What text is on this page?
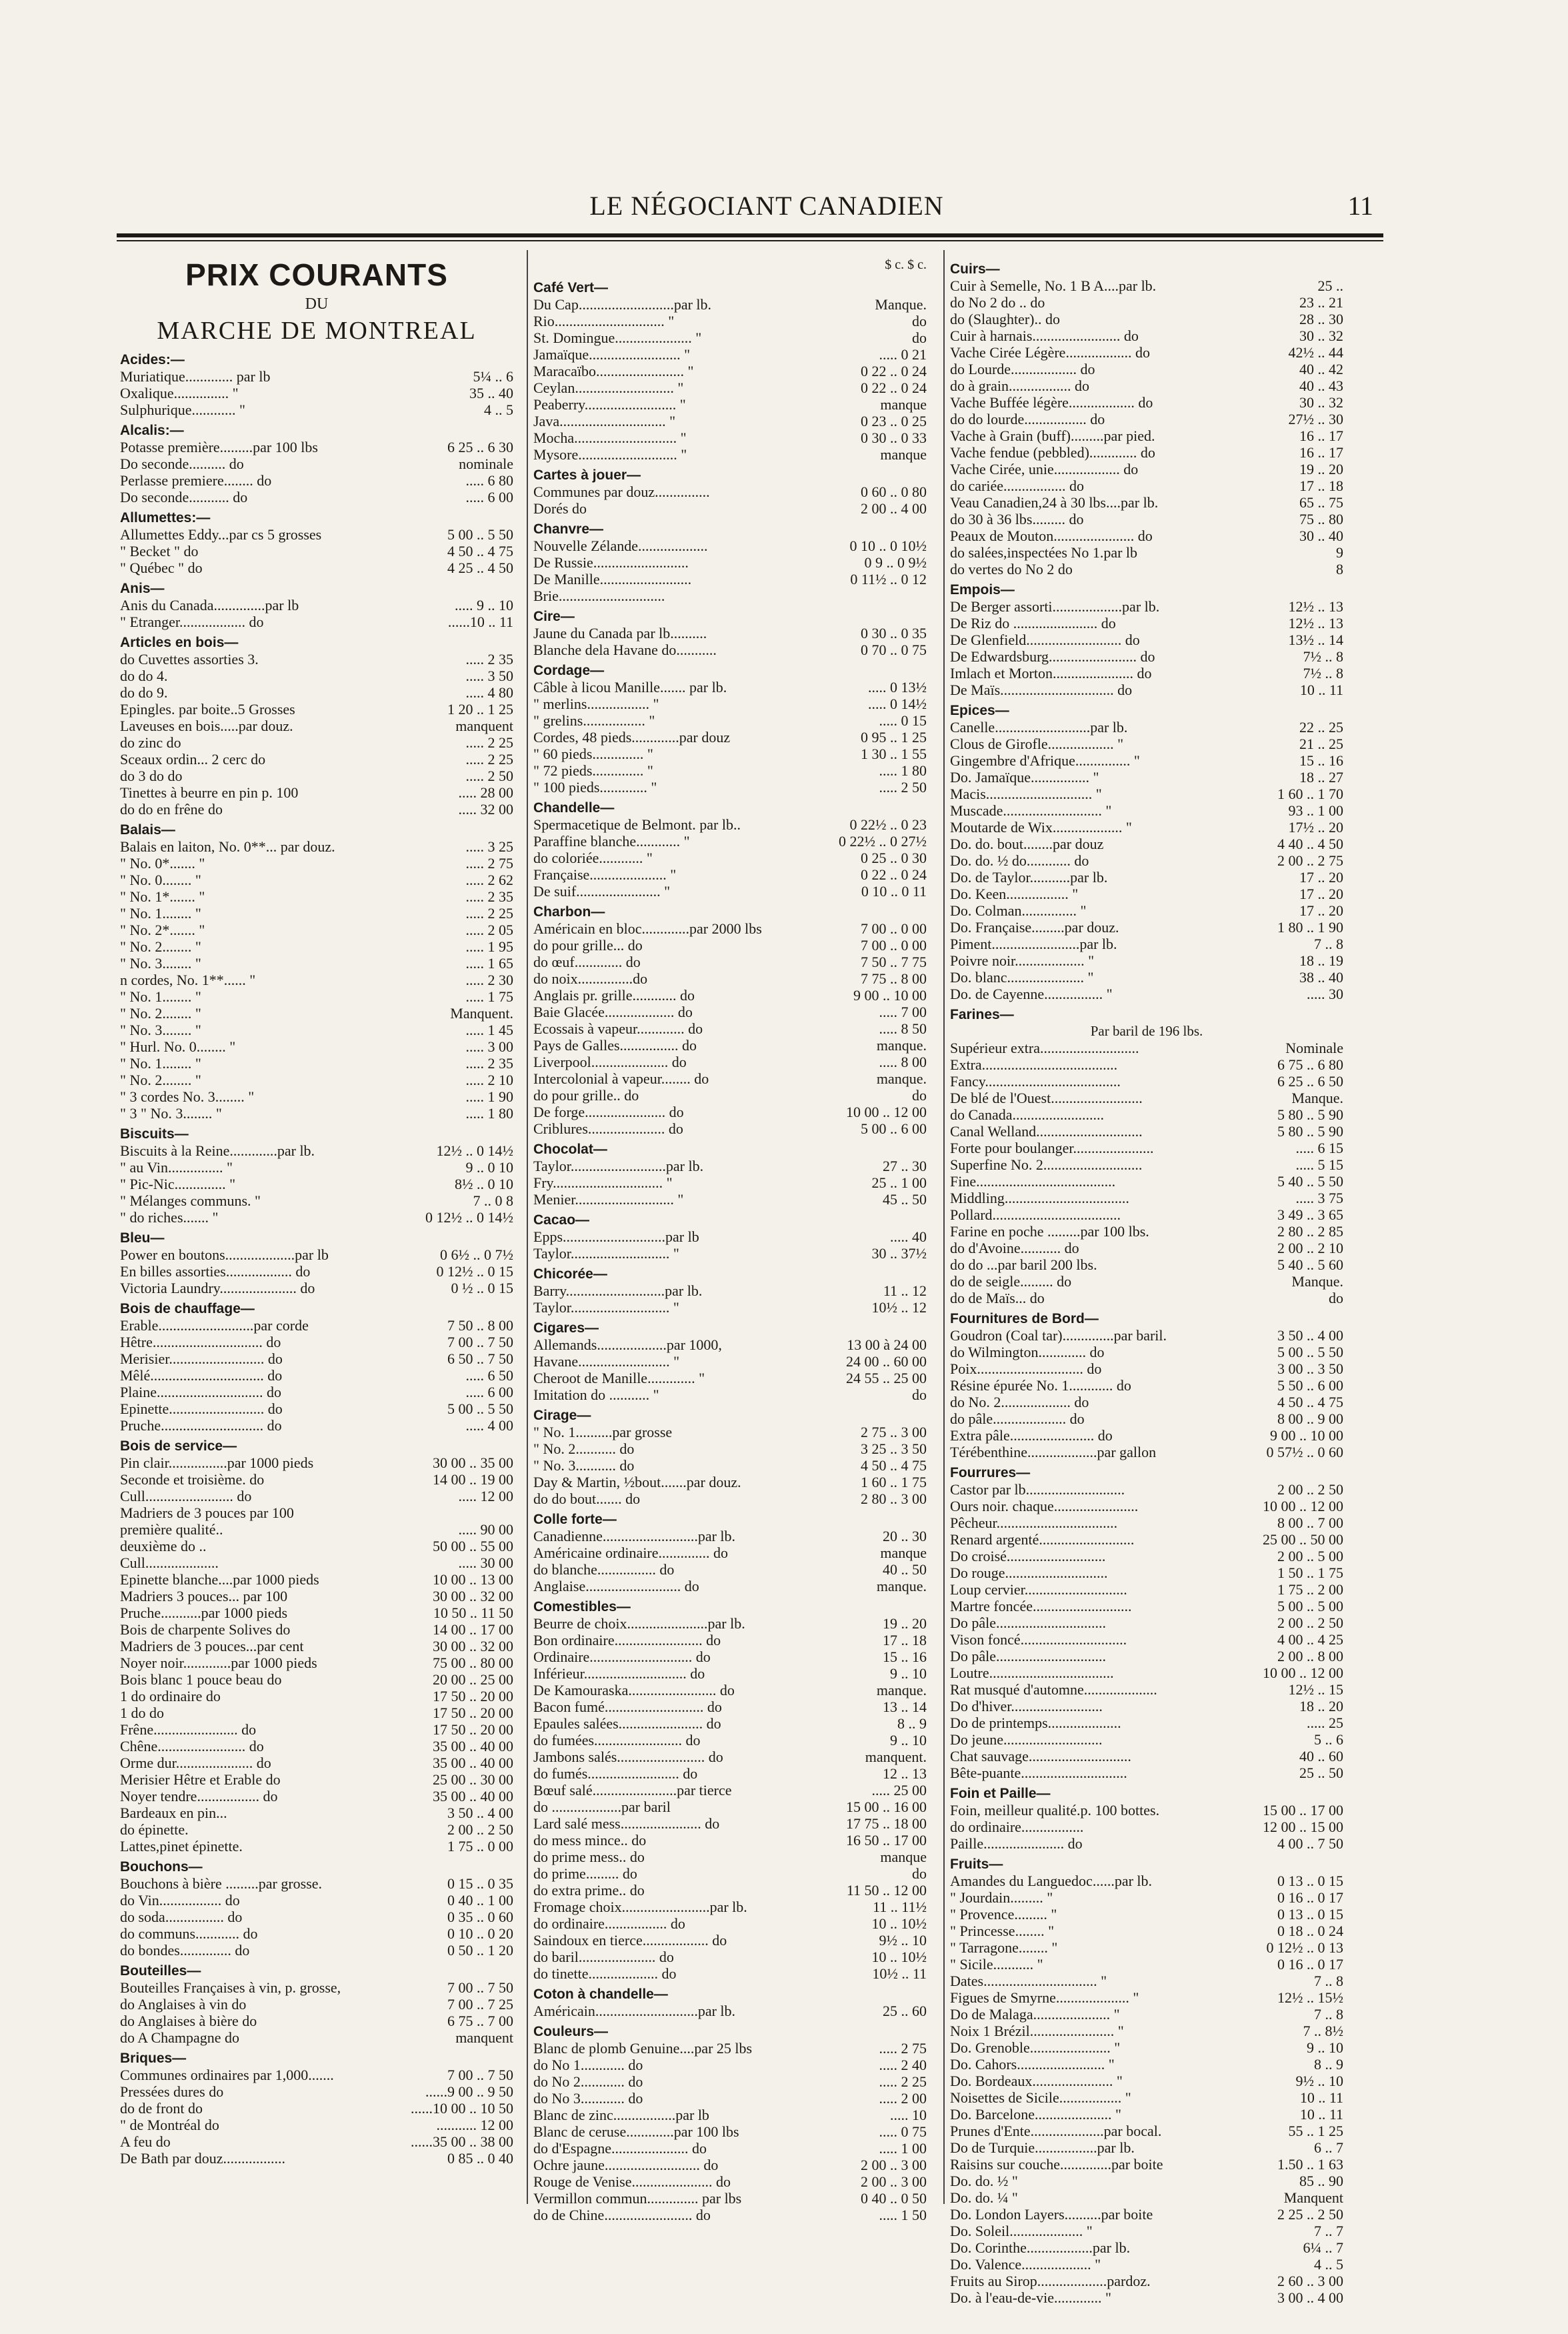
LE NÉGOCIANT CANADIEN	11
PRIX COURANTS
DU
MARCHE DE MONTREAL
Acides:—
Muriatique............. par lb	5¼ .. 6
Oxalique............... "	35 .. 40
Sulphurique............ "	4 .. 5
Alcalis:—
Potasse première.........par 100 lbs	6 25 .. 6 30
Do seconde.......... do	nominale
Perlasse premiere........ do	..... 6 80
Do seconde........... do	..... 6 00
Allumettes:—
Allumettes Eddy...par cs 5 grosses	5 00 .. 5 50
" Becket " do	4 50 .. 4 75
" Québec " do	4 25 .. 4 50
Anis—
Anis du Canada..............par lb	..... 9 .. 10
" Etranger.................. do	......10 .. 11
Articles en bois—
do Cuvettes assorties 3.	..... 2 35
do do 4.	..... 3 50
do do 9.	..... 4 80
Epingles. par boite..5 Grosses	1 20 .. 1 25
Laveuses en bois.....par douz.	manquent
do zinc do	..... 2 25
Sceaux ordin... 2 cerc do	..... 2 25
do 3 do do	..... 2 50
Tinettes à beurre en pin p. 100	..... 28 00
do do en frêne do	..... 32 00
Balais—
Balais en laiton, No. 0**... par douz.	..... 3 25
" No. 0*....... "	..... 2 75
" No. 0........ "	..... 2 62
" No. 1*....... "	..... 2 35
" No. 1........ "	..... 2 25
" No. 2*....... "	..... 2 05
" No. 2........ "	..... 1 95
" No. 3........ "	..... 1 65
n cordes, No. 1**...... "	..... 2 30
" No. 1........ "	..... 1 75
" No. 2........ "	Manquent.
" No. 3........ "	..... 1 45
" Hurl. No. 0........ "	..... 3 00
" No. 1........ "	..... 2 35
" No. 2........ "	..... 2 10
" 3 cordes No. 3........ "	..... 1 90
" 3 " No. 3........ "	..... 1 80
Biscuits—
Biscuits à la Reine.............par lb.	12½ .. 0 14½
" au Vin............... "	9 .. 0 10
" Pic-Nic.............. "	8½ .. 0 10
" Mélanges communs. "	7 .. 0 8
" do riches....... "	0 12½ .. 0 14½
Bleu—
Power en boutons...................par lb	0 6½ .. 0 7½
En billes assorties.................. do	0 12½ .. 0 15
Victoria Laundry..................... do	0 ½ .. 0 15
Bois de chauffage—
Erable..........................par corde	7 50 .. 8 00
Hêtre.............................. do	7 00 .. 7 50
Merisier.......................... do	6 50 .. 7 50
Mêlé............................... do	..... 6 50
Plaine............................. do	..... 6 00
Epinette.......................... do	5 00 .. 5 50
Pruche............................ do	..... 4 00
Bois de service—
Pin clair................par 1000 pieds	30 00 .. 35 00
Seconde et troisième. do	14 00 .. 19 00
Cull........................ do	..... 12 00
Madriers de 3 pouces par 100
première qualité..	..... 90 00
deuxième do ..	50 00 .. 55 00
Cull....................	..... 30 00
Epinette blanche....par 1000 pieds	10 00 .. 13 00
Madriers 3 pouces... par 100	30 00 .. 32 00
Pruche...........par 1000 pieds	10 50 .. 11 50
Bois de charpente Solives do	14 00 .. 17 00
Madriers de 3 pouces...par cent	30 00 .. 32 00
Noyer noir.............par 1000 pieds	75 00 .. 80 00
Bois blanc 1 pouce beau do	20 00 .. 25 00
1 do ordinaire do	17 50 .. 20 00
1 do do	17 50 .. 20 00
Frêne....................... do	17 50 .. 20 00
Chêne........................ do	35 00 .. 40 00
Orme dur..................... do	35 00 .. 40 00
Merisier Hêtre et Erable do	25 00 .. 30 00
Noyer tendre................. do	35 00 .. 40 00
Bardeaux en pin...	3 50 .. 4 00
do épinette.	2 00 .. 2 50
Lattes,pinet épinette.	1 75 .. 0 00
Bouchons—
Bouchons à bière .........par grosse.	0 15 .. 0 35
do Vin................. do	0 40 .. 1 00
do soda................ do	0 35 .. 0 60
do communs............ do	0 10 .. 0 20
do bondes.............. do	0 50 .. 1 20
Bouteilles—
Bouteilles Françaises à vin, p. grosse,	7 00 .. 7 50
do Anglaises à vin do	7 00 .. 7 25
do Anglaises à bière do	6 75 .. 7 00
do A Champagne do	manquent
Briques—
Communes ordinaires par 1,000.......	7 00 .. 7 50
Pressées dures do	......9 00 .. 9 50
do de front do	......10 00 .. 10 50
" de Montréal do	........... 12 00
A feu do	......35 00 .. 38 00
De Bath par douz.................	0 85 .. 0 40
$ c. $ c.
Café Vert—
Du Cap..........................par lb.	Manque.
Rio.............................. "	do
St. Domingue..................... "	do
Jamaïque......................... "	..... 0 21
Maracaïbo........................ "	0 22 .. 0 24
Ceylan........................... "	0 22 .. 0 24
Peaberry......................... "	manque
Java............................. "	0 23 .. 0 25
Mocha............................ "	0 30 .. 0 33
Mysore........................... "	manque
Cartes à jouer—
Communes par douz...............	0 60 .. 0 80
Dorés do	2 00 .. 4 00
Chanvre—
Nouvelle Zélande...................	0 10 .. 0 10½
De Russie..........................	0 9 .. 0 9½
De Manille.........................	0 11½ .. 0 12
Brie.............................
Cire—
Jaune du Canada par lb..........	0 30 .. 0 35
Blanche dela Havane do...........	0 70 .. 0 75
Cordage—
Câble à licou Manille....... par lb.	..... 0 13½
" merlins................. "	..... 0 14½
" grelins................. "	..... 0 15
Cordes, 48 pieds.............par douz	0 95 .. 1 25
" 60 pieds.............. "	1 30 .. 1 55
" 72 pieds.............. "	..... 1 80
" 100 pieds............. "	..... 2 50
Chandelle—
Spermacetique de Belmont. par lb..	0 22½ .. 0 23
Paraffine blanche............ "	0 22½ .. 0 27½
do coloriée............ "	0 25 .. 0 30
Française..................... "	0 22 .. 0 24
De suif....................... "	0 10 .. 0 11
Charbon—
Américain en bloc.............par 2000 lbs	7 00 .. 0 00
do pour grille... do	7 00 .. 0 00
do œuf............. do	7 50 .. 7 75
do noix...............do	7 75 .. 8 00
Anglais pr. grille............ do	9 00 .. 10 00
Baie Glacée................... do	..... 7 00
Ecossais à vapeur............. do	..... 8 50
Pays de Galles................ do	manque.
Liverpool..................... do	..... 8 00
Intercolonial à vapeur........ do	manque.
do pour grille.. do	do
De forge...................... do	10 00 .. 12 00
Criblures..................... do	5 00 .. 6 00
Chocolat—
Taylor..........................par lb.	27 .. 30
Fry.............................. "	25 .. 1 00
Menier........................... "	45 .. 50
Cacao—
Epps............................par lb	..... 40
Taylor........................... "	30 .. 37½
Chicorée—
Barry...........................par lb.	11 .. 12
Taylor........................... "	10½ .. 12
Cigares—
Allemands...................par 1000,	13 00 à 24 00
Havane......................... "	24 00 .. 60 00
Cheroot de Manille............. "	24 55 .. 25 00
Imitation do ........... "	do
Cirage—
" No. 1..........par grosse	2 75 .. 3 00
" No. 2........... do	3 25 .. 3 50
" No. 3........... do	4 50 .. 4 75
Day & Martin, ½bout.......par douz.	1 60 .. 1 75
do do bout....... do	2 80 .. 3 00
Colle forte—
Canadienne..........................par lb.	20 .. 30
Américaine ordinaire.............. do	manque
do blanche................ do	40 .. 50
Anglaise.......................... do	manque.
Comestibles—
Beurre de choix......................par lb.	19 .. 20
Bon ordinaire........................ do	17 .. 18
Ordinaire............................ do	15 .. 16
Inférieur............................ do	9 .. 10
De Kamouraska........................ do	manque.
Bacon fumé........................... do	13 .. 14
Epaules salées....................... do	8 .. 9
do fumées........................ do	9 .. 10
Jambons salés........................ do	manquent.
do fumés......................... do	12 .. 13
Bœuf salé.......................par tierce	..... 25 00
do ...................par baril	15 00 .. 16 00
Lard salé mess...................... do	17 75 .. 18 00
do mess mince.. do	16 50 .. 17 00
do prime mess.. do	manque
do prime......... do	do
do extra prime.. do	11 50 .. 12 00
Fromage choix........................par lb.	11 .. 11½
do ordinaire................. do	10 .. 10½
Saindoux en tierce.................. do	9½ .. 10
do baril..................... do	10 .. 10½
do tinette................... do	10½ .. 11
Coton à chandelle—
Américain............................par lb.	25 .. 60
Couleurs—
Blanc de plomb Genuine....par 25 lbs	..... 2 75
do No 1............ do	..... 2 40
do No 2............ do	..... 2 25
do No 3............ do	..... 2 00
Blanc de zinc.................par lb	..... 10
Blanc de ceruse.............par 100 lbs	..... 0 75
do d'Espagne..................... do	..... 1 00
Ochre jaune.......................... do	2 00 .. 3 00
Rouge de Venise...................... do	2 00 .. 3 00
Vermillon commun.............. par lbs	0 40 .. 0 50
do de Chine........................ do	..... 1 50
Cuirs—
Cuir à Semelle, No. 1 B A....par lb.	25 ..
do No 2 do .. do	23 .. 21
do (Slaughter).. do	28 .. 30
Cuir à harnais........................ do	30 .. 32
Vache Cirée Légère.................. do	42½ .. 44
do Lourde.................. do	40 .. 42
do à grain................. do	40 .. 43
Vache Buffée légère.................. do	30 .. 32
do do lourde................. do	27½ .. 30
Vache à Grain (buff).........par pied.	16 .. 17
Vache fendue (pebbled)............. do	16 .. 17
Vache Cirée, unie.................. do	19 .. 20
do cariée................. do	17 .. 18
Veau Canadien,24 à 30 lbs....par lb.	65 .. 75
do 30 à 36 lbs......... do	75 .. 80
Peaux de Mouton...................... do	30 .. 40
do salées,inspectées No 1.par lb	9
do vertes do No 2 do	8
Empois—
De Berger assorti...................par lb.	12½ .. 13
De Riz do ....................... do	12½ .. 13
De Glenfield.......................... do	13½ .. 14
De Edwardsburg........................ do	7½ .. 8
Imlach et Morton...................... do	7½ .. 8
De Maïs............................... do	10 .. 11
Epices—
Canelle..........................par lb.	22 .. 25
Clous de Girofle.................. "	21 .. 25
Gingembre d'Afrique............... "	15 .. 16
Do. Jamaïque................ "	18 .. 27
Macis............................. "	1 60 .. 1 70
Muscade........................... "	93 .. 1 00
Moutarde de Wix................... "	17½ .. 20
Do. do. bout........par douz	4 40 .. 4 50
Do. do. ½ do............ do	2 00 .. 2 75
Do. de Taylor...........par lb.	17 .. 20
Do. Keen................. "	17 .. 20
Do. Colman............... "	17 .. 20
Do. Française.........par douz.	1 80 .. 1 90
Piment........................par lb.	7 .. 8
Poivre noir................... "	18 .. 19
Do. blanc..................... "	38 .. 40
Do. de Cayenne................ "	..... 30
Farines—
Par baril de 196 lbs.
Supérieur extra...........................	Nominale
Extra.....................................	6 75 .. 6 80
Fancy.....................................	6 25 .. 6 50
De blé de l'Ouest.........................	Manque.
do Canada.........................	5 80 .. 5 90
Canal Welland.............................	5 80 .. 5 90
Forte pour boulanger......................	..... 6 15
Superfine No. 2...........................	..... 5 15
Fine......................................	5 40 .. 5 50
Middling..................................	..... 3 75
Pollard...................................	3 49 .. 3 65
Farine en poche .........par 100 lbs.	2 80 .. 2 85
do d'Avoine........... do	2 00 .. 2 10
do do ...par baril 200 lbs.	5 40 .. 5 60
do de seigle......... do	Manque.
do de Maïs... do	do
Fournitures de Bord—
Goudron (Coal tar)..............par baril.	3 50 .. 4 00
do Wilmington............. do	5 00 .. 5 50
Poix............................. do	3 00 .. 3 50
Résine épurée No. 1............ do	5 50 .. 6 00
do No. 2................... do	4 50 .. 4 75
do pâle.................... do	8 00 .. 9 00
Extra pâle....................... do	9 00 .. 10 00
Térébenthine...................par gallon	0 57½ .. 0 60
Fourrures—
Castor par lb...........................	2 00 .. 2 50
Ours noir. chaque.......................	10 00 .. 12 00
Pêcheur.................................	8 00 .. 7 00
Renard argenté..........................	25 00 .. 50 00
Do croisé...........................	2 00 .. 5 00
Do rouge............................	1 50 .. 1 75
Loup cervier............................	1 75 .. 2 00
Martre foncée...........................	5 00 .. 5 00
Do pâle..............................	2 00 .. 2 50
Vison foncé.............................	4 00 .. 4 25
Do pâle..............................	2 00 .. 8 00
Loutre..................................	10 00 .. 12 00
Rat musqué d'automne....................	12½ .. 15
Do d'hiver.........................	18 .. 20
Do de printemps....................	..... 25
Do jeune...........................	5 .. 6
Chat sauvage............................	40 .. 60
Bête-puante.............................	25 .. 50
Foin et Paille—
Foin, meilleur qualité.p. 100 bottes.	15 00 .. 17 00
do ordinaire.................	12 00 .. 15 00
Paille...................... do	4 00 .. 7 50
Fruits—
Amandes du Languedoc......par lb.	0 13 .. 0 15
" Jourdain......... "	0 16 .. 0 17
" Provence......... "	0 13 .. 0 15
" Princesse........ "	0 18 .. 0 24
" Tarragone........ "	0 12½ .. 0 13
" Sicile........... "	0 16 .. 0 17
Dates............................... "	7 .. 8
Figues de Smyrne.................... "	12½ .. 15½
Do de Malaga..................... "	7 .. 8
Noix 1 Brézil....................... "	7 .. 8½
Do. Grenoble...................... "	9 .. 10
Do. Cahors........................ "	8 .. 9
Do. Bordeaux...................... "	9½ .. 10
Noisettes de Sicile................. "	10 .. 11
Do. Barcelone..................... "	10 .. 11
Prunes d'Ente....................par bocal.	55 .. 1 25
Do de Turquie.................par lb.	6 .. 7
Raisins sur couche..............par boite	1.50 .. 1 63
Do. do. ½ "	85 .. 90
Do. do. ¼ "	Manquent
Do. London Layers..........par boite	2 25 .. 2 50
Do. Soleil.................... "	7 .. 7
Do. Corinthe..................par lb.	6¼ .. 7
Do. Valence................... "	4 .. 5
Fruits au Sirop...................pardoz.	2 60 .. 3 00
Do. à l'eau-de-vie............. "	3 00 .. 4 00
